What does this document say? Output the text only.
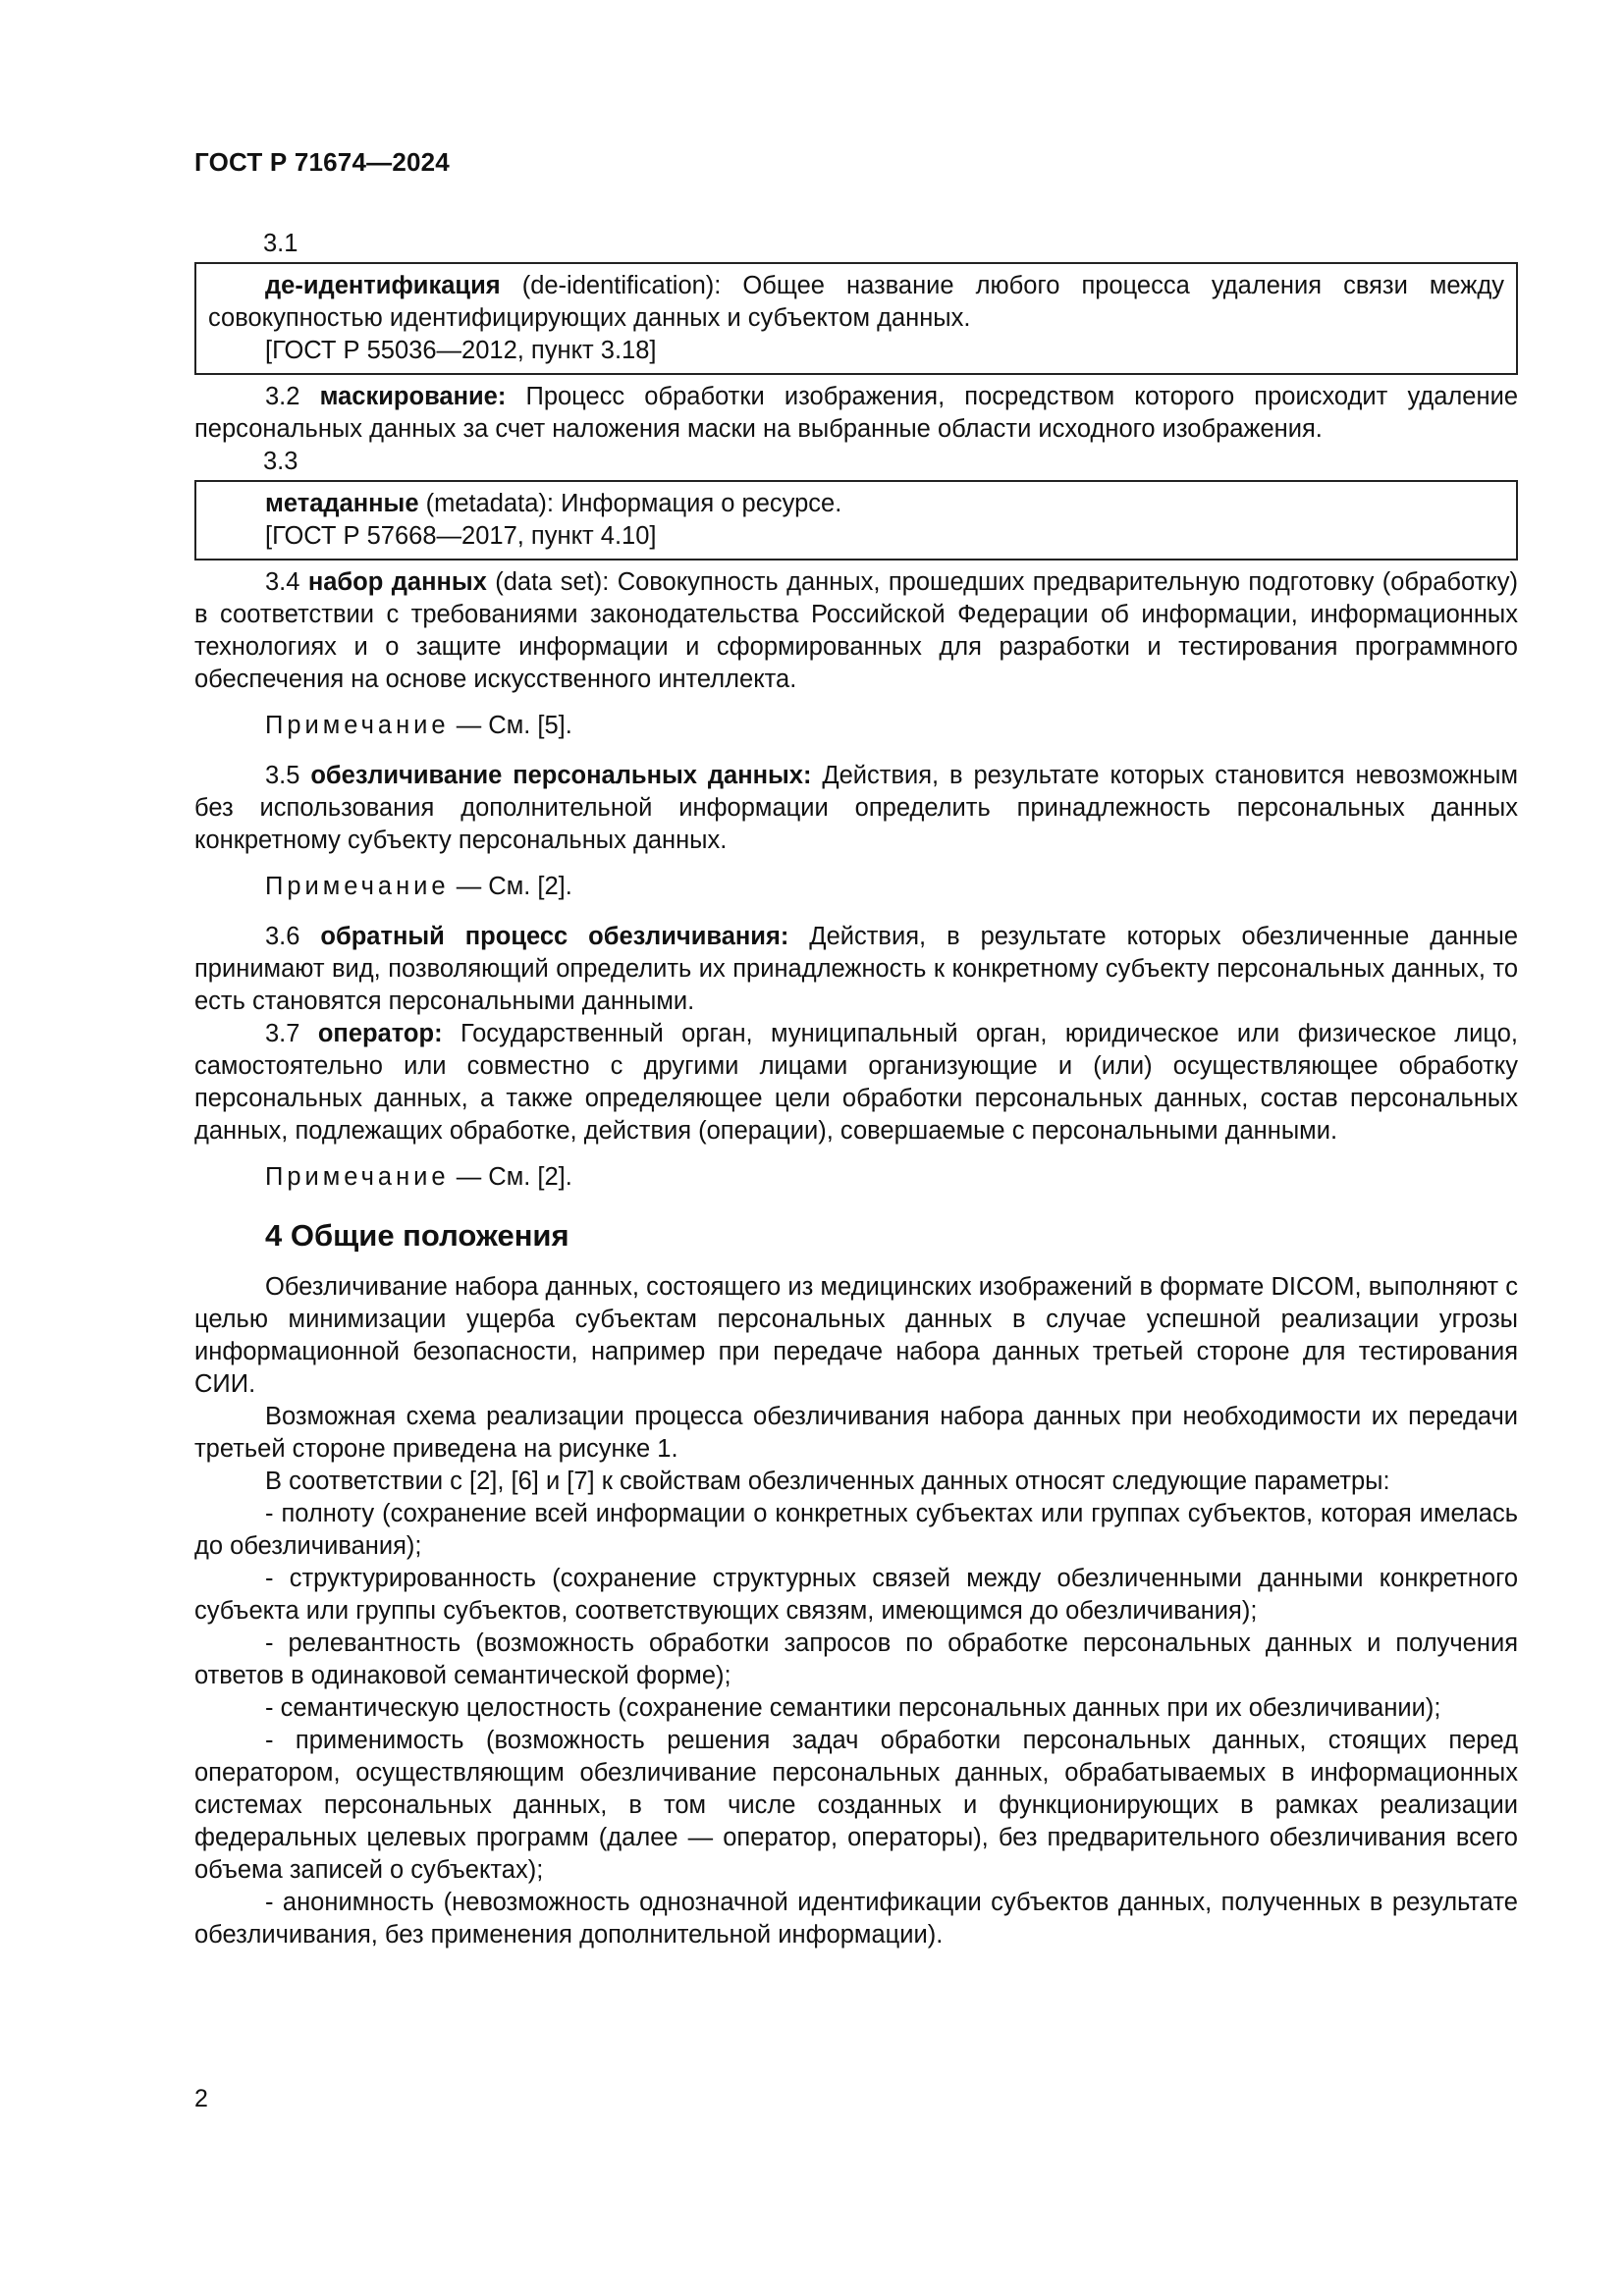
ГОСТ Р 71674—2024

3.1

де-идентификация (de-identification): Общее название любого процесса удаления связи между совокупностью идентифицирующих данных и субъектом данных.

[ГОСТ Р 55036—2012, пункт 3.18]

3.2 маскирование: Процесс обработки изображения, посредством которого происходит удаление персональных данных за счет наложения маски на выбранные области исходного изображения.

3.3

метаданные (metadata): Информация о ресурсе.

[ГОСТ Р 57668—2017, пункт 4.10]

3.4 набор данных (data set): Совокупность данных, прошедших предварительную подготовку (обработку) в соответствии с требованиями законодательства Российской Федерации об информации, информационных технологиях и о защите информации и сформированных для разработки и тестирования программного обеспечения на основе искусственного интеллекта.

Примечание — См. [5].

3.5 обезличивание персональных данных: Действия, в результате которых становится невозможным без использования дополнительной информации определить принадлежность персональных данных конкретному субъекту персональных данных.

Примечание — См. [2].

3.6 обратный процесс обезличивания: Действия, в результате которых обезличенные данные принимают вид, позволяющий определить их принадлежность к конкретному субъекту персональных данных, то есть становятся персональными данными.

3.7 оператор: Государственный орган, муниципальный орган, юридическое или физическое лицо, самостоятельно или совместно с другими лицами организующие и (или) осуществляющее обработку персональных данных, а также определяющее цели обработки персональных данных, состав персональных данных, подлежащих обработке, действия (операции), совершаемые с персональными данными.

Примечание — См. [2].

4 Общие положения

Обезличивание набора данных, состоящего из медицинских изображений в формате DICOM, выполняют с целью минимизации ущерба субъектам персональных данных в случае успешной реализации угрозы информационной безопасности, например при передаче набора данных третьей стороне для тестирования СИИ.

Возможная схема реализации процесса обезличивания набора данных при необходимости их передачи третьей стороне приведена на рисунке 1.

В соответствии с [2], [6] и [7] к свойствам обезличенных данных относят следующие параметры:

- полноту (сохранение всей информации о конкретных субъектах или группах субъектов, которая имелась до обезличивания);

- структурированность (сохранение структурных связей между обезличенными данными конкретного субъекта или группы субъектов, соответствующих связям, имеющимся до обезличивания);

- релевантность (возможность обработки запросов по обработке персональных данных и получения ответов в одинаковой семантической форме);

- семантическую целостность (сохранение семантики персональных данных при их обезличивании);

- применимость (возможность решения задач обработки персональных данных, стоящих перед оператором, осуществляющим обезличивание персональных данных, обрабатываемых в информационных системах персональных данных, в том числе созданных и функционирующих в рамках реализации федеральных целевых программ (далее — оператор, операторы), без предварительного обезличивания всего объема записей о субъектах);

- анонимность (невозможность однозначной идентификации субъектов данных, полученных в результате обезличивания, без применения дополнительной информации).

2
